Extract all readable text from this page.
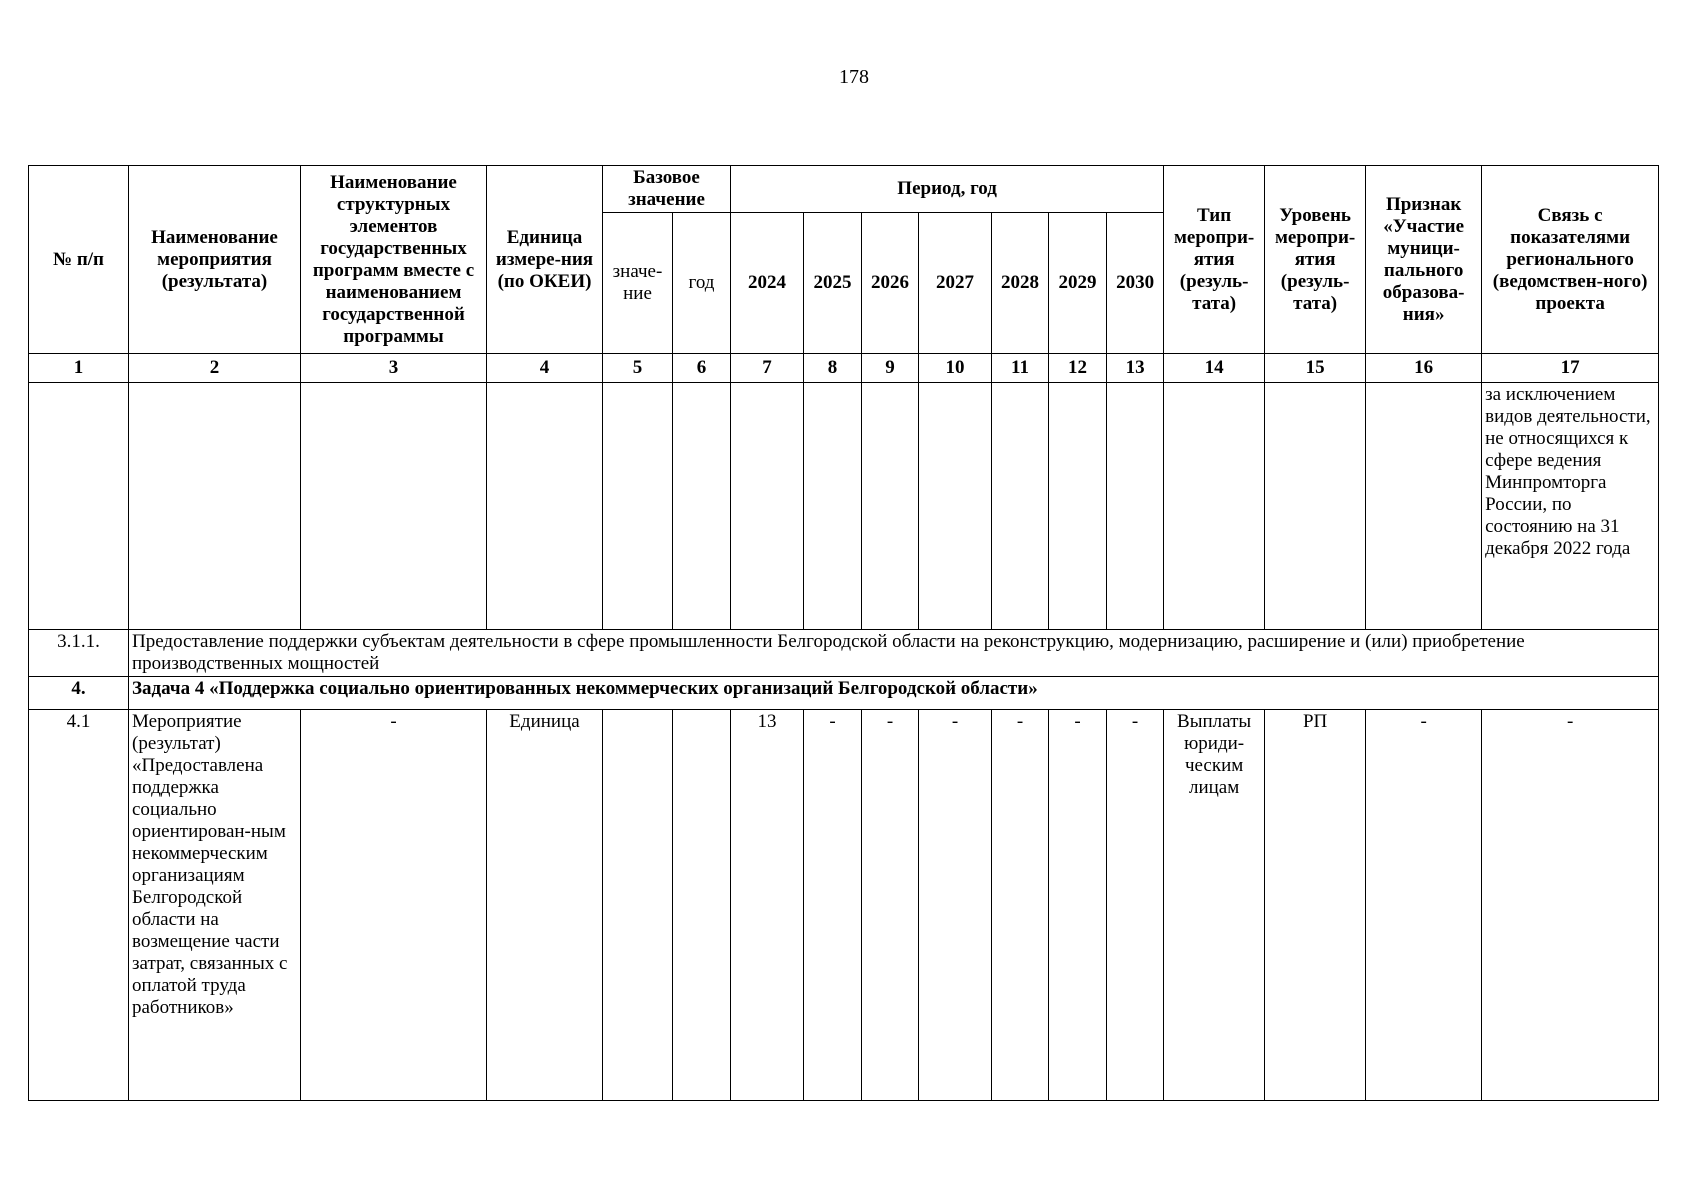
178
№ п/п	Наименование мероприятия (результата)	Наименование структурных элементов государственных программ вместе с наименованием государственной программы	Единица измере-ния (по ОКЕИ)	Базовое значение		Период, год							Тип меропри-ятия (резуль-тата)	Уровень меропри-ятия (резуль-тата)	Признак «Участие муници-пального образова-ния»	Связь с показателями регионального (ведомствен-ного) проекта
				значе-ние	год	2024	2025	2026	2027	2028	2029	2030				
1	2	3	4	5	6	7	8	9	10	11	12	13	14	15	16	17
																за исключением видов деятельности, не относящихся к сфере ведения Минпромторга России, по состоянию на 31 декабря 2022 года
3.1.1.	Предоставление поддержки субъектам деятельности в сфере промышленности Белгородской области на реконструкцию, модернизацию, расширение и (или) приобретение производственных мощностей															
4.	Задача 4 «Поддержка социально ориентированных некоммерческих организаций Белгородской области»															
4.1	Мероприятие (результат) «Предоставлена поддержка социально ориентирован-ным некоммерческим организациям Белгородской области на возмещение части затрат, связанных с оплатой труда работников»	-	Единица			13	-	-	-	-	-	-	Выплаты юриди-ческим лицам	РП	-	-
